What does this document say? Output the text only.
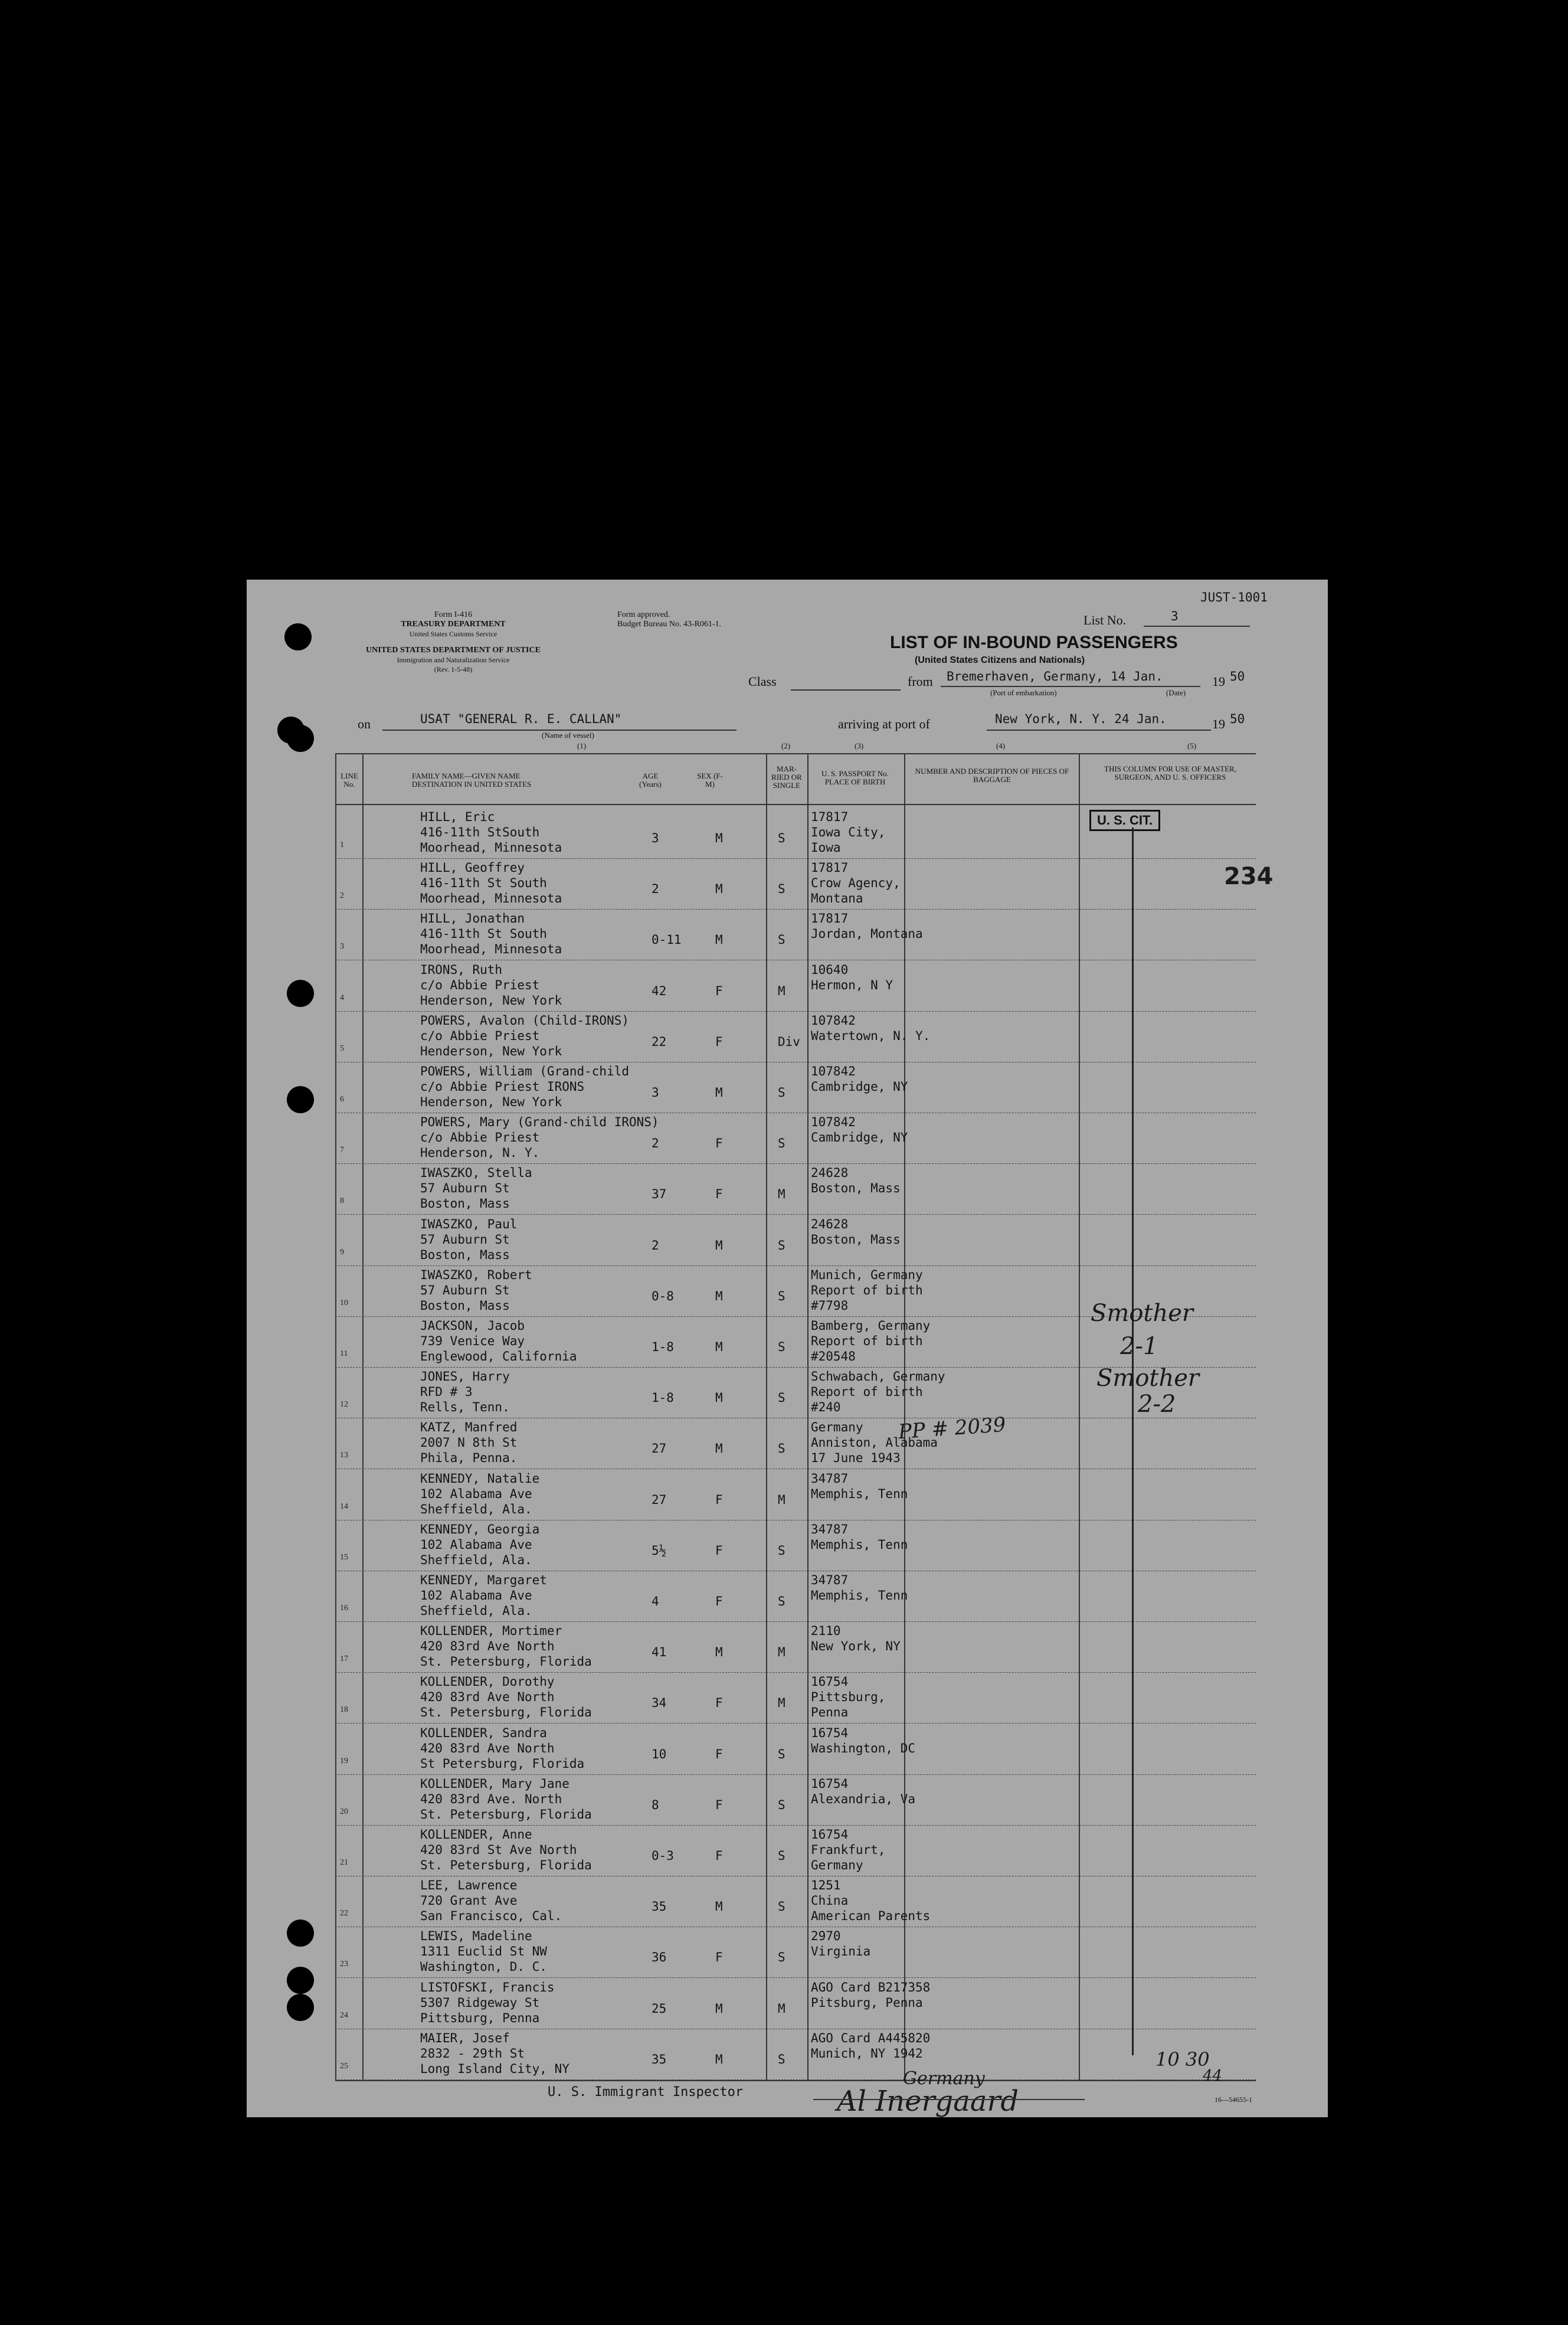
Form I-416
TREASURY DEPARTMENT
United States Customs Service
UNITED STATES DEPARTMENT OF JUSTICE
Immigration and Naturalization Service
(Rev. 1-5-48)
Form approved.
Budget Bureau No. 43-R061-1.	List No.	3
JUST-1001
LIST OF IN-BOUND PASSENGERS
(United States Citizens and Nationals)
Class	from Bremerhaven, Germany, 14 Jan.
(Port of embarkation)	(Date)
19 50
on	USAT "GENERAL R. E. CALLAN"
(Name of vessel)
arriving at port of	New York, N. Y. 24 Jan.	19 50
(1)	(2)	(3)	(4)	(5)
LINE No.
FAMILY NAME—GIVEN NAME DESTINATION IN UNITED STATES
AGE (Years)
SEX (F-M)
MAR-RIED OR SINGLE
U. S. PASSPORT No. PLACE OF BIRTH
NUMBER AND DESCRIPTION OF PIECES OF BAGGAGE
THIS COLUMN FOR USE OF MASTER, SURGEON, AND U. S. OFFICERS
1
HILL, Eric
416-11th StSouth
Moorhead, Minnesota
3	M	S
17817
Iowa City,
Iowa
2
HILL, Geoffrey
416-11th St South
Moorhead, Minnesota
2	M	S
17817
Crow Agency,
Montana
3
HILL, Jonathan
416-11th St South
Moorhead, Minnesota
0-11	M	S
17817
Jordan, Montana
4
IRONS, Ruth
c/o Abbie Priest
Henderson, New York
42	F	M
10640
Hermon, N Y
5
POWERS, Avalon (Child-IRONS)
c/o Abbie Priest
Henderson, New York
22	F	Div
107842
Watertown, N. Y.
6
POWERS, William (Grand-child
c/o Abbie Priest IRONS
Henderson, New York
3	M	S
107842
Cambridge, NY
7
POWERS, Mary (Grand-child IRONS)
c/o Abbie Priest
Henderson, N. Y.
2	F	S
107842
Cambridge, NY
8
IWASZKO, Stella
57 Auburn St
Boston, Mass
37	F	M
24628
Boston, Mass
9
IWASZKO, Paul
57 Auburn St
Boston, Mass
2	M	S
24628
Boston, Mass
10
IWASZKO, Robert
57 Auburn St
Boston, Mass
0-8	M	S
Munich, Germany
Report of birth
#7798
11
JACKSON, Jacob
739 Venice Way
Englewood, California
1-8	M	S
Bamberg, Germany
Report of birth
#20548
12
JONES, Harry
RFD # 3
Rells, Tenn.
1-8	M	S
Schwabach, Germany
Report of birth
#240
13
KATZ, Manfred
2007 N 8th St
Phila, Penna.
27	M	S
Germany
Anniston, Alabama
17 June 1943
14
KENNEDY, Natalie
102 Alabama Ave
Sheffield, Ala.
27	F	M
34787
Memphis, Tenn
15
KENNEDY, Georgia
102 Alabama Ave
Sheffield, Ala.
5½	F	S
34787
Memphis, Tenn
16
KENNEDY, Margaret
102 Alabama Ave
Sheffield, Ala.
4	F	S
34787
Memphis, Tenn
17
KOLLENDER, Mortimer
420 83rd Ave North
St. Petersburg, Florida
41	M	M
2110
New York, NY
18
KOLLENDER, Dorothy
420 83rd Ave North
St. Petersburg, Florida
34	F	M
16754
Pittsburg,
Penna
19
KOLLENDER, Sandra
420 83rd Ave North
St Petersburg, Florida
10	F	S
16754
Washington, DC
20
KOLLENDER, Mary Jane
420 83rd Ave. North
St. Petersburg, Florida
8	F	S
16754
Alexandria, Va
21
KOLLENDER, Anne
420 83rd St Ave North
St. Petersburg, Florida
0-3	F	S
16754
Frankfurt,
Germany
22
LEE, Lawrence
720 Grant Ave
San Francisco, Cal.
35	M	S
1251
China
American Parents
23
LEWIS, Madeline
1311 Euclid St NW
Washington, D. C.
36	F	S
2970
Virginia
24
LISTOFSKI, Francis
5307 Ridgeway St
Pittsburg, Penna
25	M	M
AGO Card B217358
Pitsburg, Penna
25
MAIER, Josef
2832 - 29th St
Long Island City, NY
35	M	S
AGO Card A445820
Munich, NY 1942
U. S. CIT.
234
PP # 2039
Smother
2-1
Smother
2-2
Germany
10 30
44
U. S. Immigrant Inspector	Al Inergaard	16—54655-1
